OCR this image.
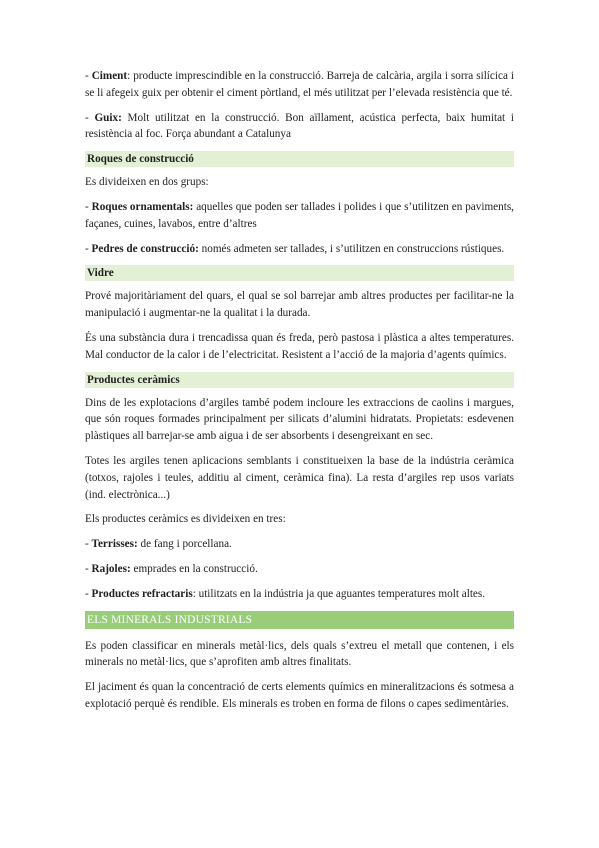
- Ciment: producte imprescindible en la construcció. Barreja de calcària, argila i sorra silícica i se li afegeix guix per obtenir el ciment pòrtland, el més utilitzat per l’elevada resistència que té.

- Guix: Molt utilitzat en la construcció. Bon aïllament, acústica perfecta, baix humitat i resistència al foc. Força abundant a Catalunya

Roques de construcció

Es divideixen en dos grups:

- Roques ornamentals: aquelles que poden ser tallades i polides i que s’utilitzen en paviments, façanes, cuines, lavabos, entre d’altres

- Pedres de construcció: només admeten ser tallades, i s’utilitzen en construccions rústiques.

Vidre

Prové majoritàriament del quars, el qual se sol barrejar amb altres productes per facilitar-ne la manipulació i augmentar-ne la qualitat i la durada.

És una substància dura i trencadissa quan és freda, però pastosa i plàstica a altes temperatures. Mal conductor de la calor i de l’electricitat. Resistent a l’acció de la majoria d’agents químics.

Productes ceràmics

Dins de les explotacions d’argiles també podem incloure les extraccions de caolins i margues, que són roques formades principalment per silicats d’alumini hidratats. Propietats: esdevenen plàstiques all barrejar-se amb aigua i de ser absorbents i desengreixant en sec.

Totes les argiles tenen aplicacions semblants i constitueixen la base de la indústria ceràmica (totxos, rajoles i teules, additiu al ciment, ceràmica fina). La resta d’argiles rep usos variats (ind. electrònica...)

Els productes ceràmics es divideixen en tres:

- Terrisses: de fang i porcellana.

- Rajoles: emprades en la construcció.

- Productes refractaris: utilitzats en la indústria ja que aguantes temperatures molt altes.

ELS MINERALS INDUSTRIALS

Es poden classificar en minerals metàl·lics, dels quals s’extreu el metall que contenen, i els minerals no metàl·lics, que s’aprofiten amb altres finalitats.

El jaciment és quan la concentració de certs elements químics en mineralitzacions és sotmesa a explotació perquè és rendible. Els minerals es troben en forma de filons o capes sedimentàries.
